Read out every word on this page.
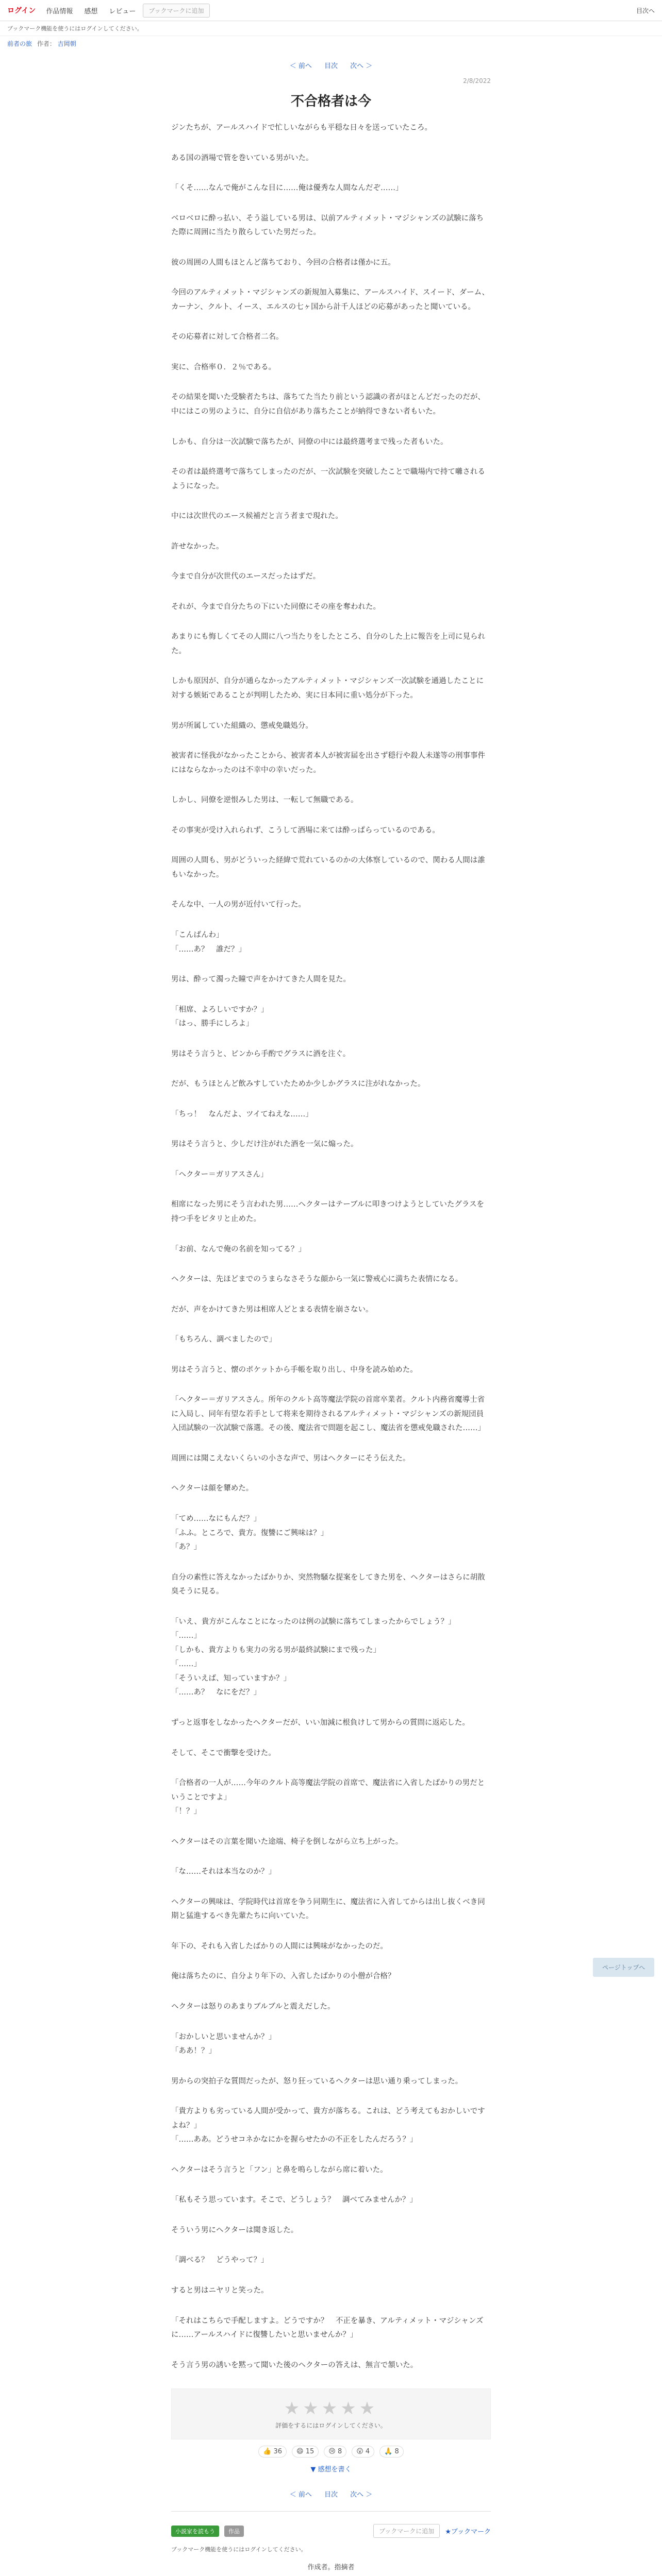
ログイン	作品情報	感想	レビュー	ブックマークに追加	目次へ
ブックマーク機能を使うにはログインしてください。
前者の旅 作者： 吉岡朝
＜ 前へ 目次 次へ ＞
2/8/2022
不合格者は今

ジンたちが、アールスハイドで忙しいながらも平穏な日々を送っていたころ。

ある国の酒場で管を巻いている男がいた。

「くそ……なんで俺がこんな目に……俺は優秀な人間なんだぞ……」

ベロベロに酔っ払い、そう溢している男は、以前アルティメット・マジシャンズの試験に落ちた際に周囲に当たり散らしていた男だった。

彼の周囲の人間もほとんど落ちており、今回の合格者は僅かに五。

今回のアルティメット・マジシャンズの新規加入募集に、アールスハイド、スイード、ダーム、カーナン、クルト、イース、エルスの七ヶ国から計千人ほどの応募があったと聞いている。

その応募者に対して合格者二名。

実に、合格率０．２％である。

その結果を聞いた受験者たちは、落ちてた当たり前という認識の者がほとんどだったのだが、中にはこの男のように、自分に自信があり落ちたことが納得できない者もいた。

しかも、自分は一次試験で落ちたが、同僚の中には最終選考まで残った者もいた。

その者は最終選考で落ちてしまったのだが、一次試験を突破したことで職場内で持て囃されるようになった。

中には次世代のエース候補だと言う者まで現れた。

許せなかった。

今まで自分が次世代のエースだったはずだ。

それが、今まで自分たちの下にいた同僚にその座を奪われた。

あまりにも悔しくてその人間に八つ当たりをしたところ、自分のした上に報告を上司に見られた。

しかも原因が、自分が通らなかったアルティメット・マジシャンズ一次試験を通過したことに対する嫉妬であることが判明したため、実に日本同に重い処分が下った。

男が所属していた組織の、懲戒免職処分。

被害者に怪我がなかったことから、被害者本人が被害届を出さず穏行や殺人未遂等の刑事事件にはならなかったのは不幸中の幸いだった。

しかし、同僚を逆恨みした男は、一転して無職である。

その事実が受け入れられず、こうして酒場に来ては酔っぱらっているのである。

周囲の人間も、男がどういった経緯で荒れているのかの大体察しているので、関わる人間は誰もいなかった。

そんな中、一人の男が近付いて行った。

「こんばんわ」
「……あ？　誰だ？」

男は、酔って濁った瞳で声をかけてきた人間を見た。

「相席、よろしいですか？」
「はっ、勝手にしろよ」

男はそう言うと、ビンから手酌でグラスに酒を注ぐ。

だが、もうほとんど飲みすしていたためか少しかグラスに注がれなかった。

「ちっ！　なんだよ、ツイてねえな……」

男はそう言うと、少しだけ注がれた酒を一気に煽った。

「ヘクター＝ガリアスさん」

相席になった男にそう言われた男……ヘクターはテーブルに叩きつけようとしていたグラスを持つ手をピタリと止めた。

「お前、なんで俺の名前を知ってる？」

ヘクターは、先ほどまでのうまらなさそうな顔から一気に警戒心に満ちた表情になる。

だが、声をかけてきた男は相席人どとまる表情を崩さない。

「もちろん、調べましたので」

男はそう言うと、懐のポケットから手帳を取り出し、中身を読み始めた。

「ヘクター＝ガリアスさん。所年のクルト高等魔法学院の首席卒業者。クルト内務省魔導士省に入局し、同年有望な若手として将来を期待されるアルティメット・マジシャンズの新規団員入団試験の一次試験で落選。その後、魔法省で問題を起こし、魔法省を懲戒免職された……」

周囲には聞こえないくらいの小さな声で、男はヘクターにそう伝えた。

ヘクターは顔を顰めた。

「てめ……なにもんだ？」
「ふふ。ところで、貴方。復讐にご興味は？」
「あ？」

自分の素性に答えなかったばかりか、突然物騒な提案をしてきた男を、ヘクターはさらに胡散臭そうに見る。

「いえ、貴方がこんなことになったのは例の試験に落ちてしまったからでしょう？」
「……」
「しかも、貴方よりも実力の劣る男が最終試験にまで残った」
「……」
「そういえば、知っていますか？」
「……あ？　なにをだ？」

ずっと返事をしなかったヘクターだが、いい加減に根負けして男からの質問に返応した。

そして、そこで衝撃を受けた。

「合格者の一人が……今年のクルト高等魔法学院の首席で、魔法省に入省したばかりの男だということですよ」
「！？」

ヘクターはその言葉を聞いた途端、椅子を倒しながら立ち上がった。

「な……それは本当なのか？」

ヘクターの興味は、学院時代は首席を争う同期生に、魔法省に入省してからは出し抜くべき同期と猛進するべき先輩たちに向いていた。

年下の、それも入省したばかりの人間には興味がなかったのだ。

俺は落ちたのに、自分より年下の、入省したばかりの小僧が合格？

ヘクターは怒りのあまりブルブルと震えだした。

「おかしいと思いませんか？」
「ああ！？」

男からの突拍子な質問だったが、怒り狂っているヘクターは思い通り乗ってしまった。

「貴方よりも劣っている人間が受かって、貴方が落ちる。これは、どう考えてもおかしいですよね？」
「……ああ。どうせコネかなにかを握らせたかの不正をしたんだろう？」

ヘクターはそう言うと「フン」と鼻を鳴らしながら席に着いた。

「私もそう思っています。そこで、どうしょう？　調べてみませんか？」

そういう男にヘクターは聞き返した。

「調べる？　どうやって？」

すると男はニヤリと笑った。

「それはこちらで手配しますよ。どうですか？　不正を暴き、アルティメット・マジシャンズに……アールスハイドに復讐したいと思いませんか？」

そう言う男の誘いを黙って聞いた後のヘクターの答えは、無言で頷いた。

★★★★★
評価をするにはログインしてください。
👍 36	😄 15	😢 8	😮 4	🙏 8
▼ 感想を書く
＜ 前へ 目次 次へ ＞
小説家を読もう	作品	ブックマークに追加	★ブックマーク
ブックマーク機能を使うにはログインしてください。
作成者。指摘者
ページトップへ
